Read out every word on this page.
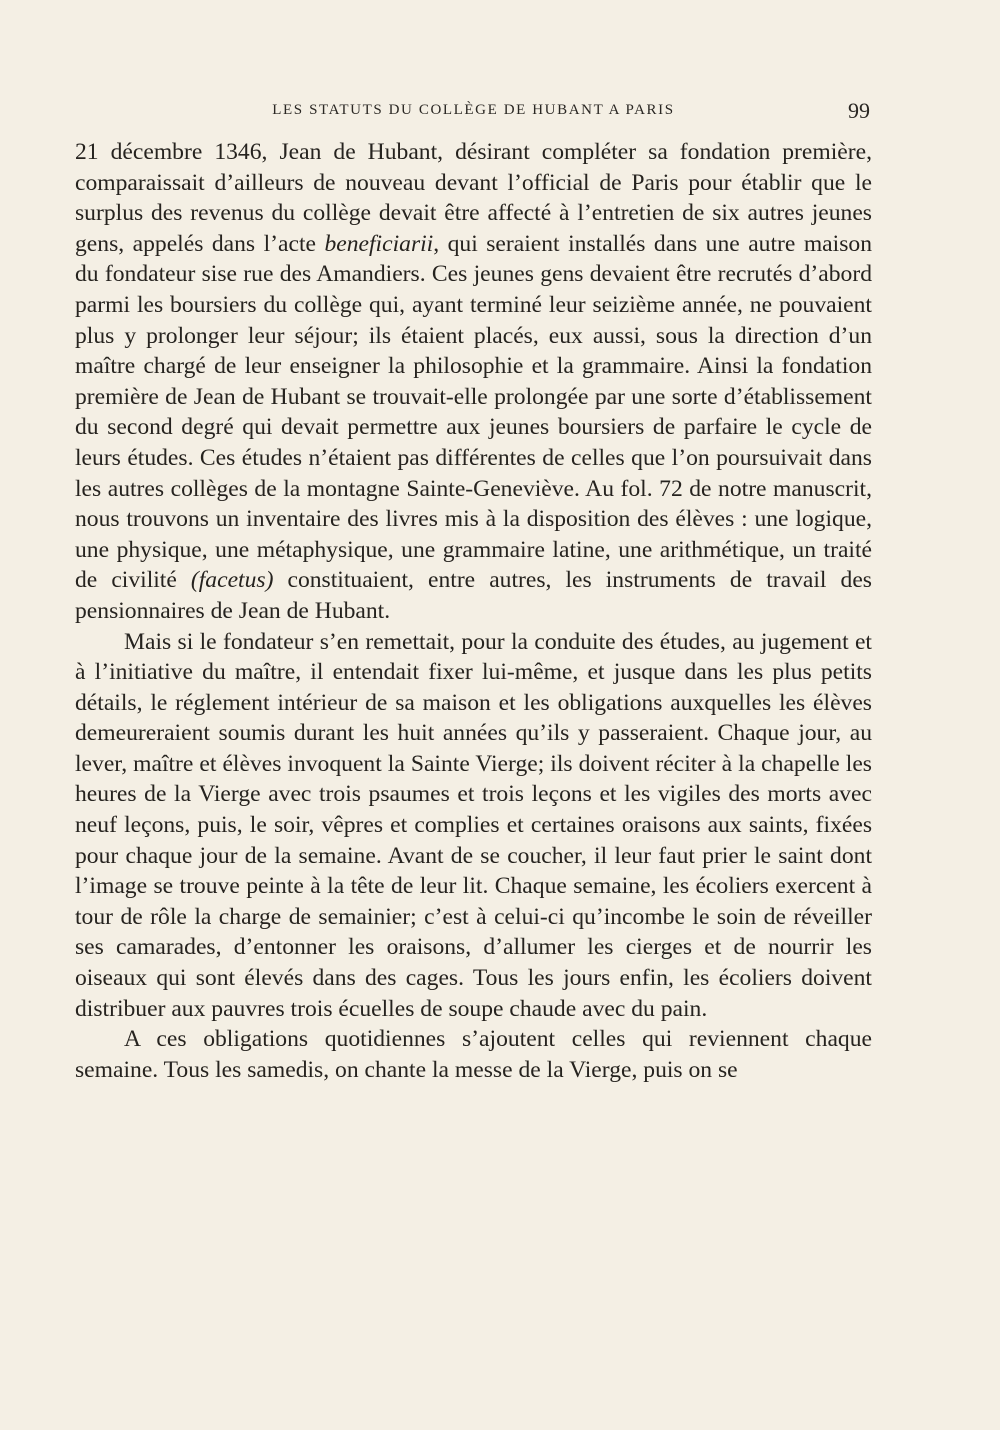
LES STATUTS DU COLLÈGE DE HUBANT A PARIS	99

21 décembre 1346, Jean de Hubant, désirant compléter sa fondation première, comparaissait d’ailleurs de nouveau devant l’official de Paris pour établir que le surplus des revenus du collège devait être affecté à l’entretien de six autres jeunes gens, appelés dans l’acte beneficiarii, qui seraient installés dans une autre maison du fondateur sise rue des Amandiers. Ces jeunes gens devaient être recrutés d’abord parmi les boursiers du collège qui, ayant terminé leur seizième année, ne pouvaient plus y prolonger leur séjour; ils étaient placés, eux aussi, sous la direction d’un maître chargé de leur enseigner la philosophie et la grammaire. Ainsi la fondation première de Jean de Hubant se trouvait-elle prolongée par une sorte d’établissement du second degré qui devait permettre aux jeunes boursiers de parfaire le cycle de leurs études. Ces études n’étaient pas différentes de celles que l’on poursuivait dans les autres collèges de la montagne Sainte-Geneviève. Au fol. 72 de notre manuscrit, nous trouvons un inventaire des livres mis à la disposition des élèves : une logique, une physique, une métaphysique, une grammaire latine, une arithmétique, un traité de civilité (facetus) constituaient, entre autres, les instruments de travail des pensionnaires de Jean de Hubant.

Mais si le fondateur s’en remettait, pour la conduite des études, au jugement et à l’initiative du maître, il entendait fixer lui-même, et jusque dans les plus petits détails, le réglement intérieur de sa maison et les obligations auxquelles les élèves demeureraient soumis durant les huit années qu’ils y passeraient. Chaque jour, au lever, maître et élèves invoquent la Sainte Vierge; ils doivent réciter à la chapelle les heures de la Vierge avec trois psaumes et trois leçons et les vigiles des morts avec neuf leçons, puis, le soir, vêpres et complies et certaines oraisons aux saints, fixées pour chaque jour de la semaine. Avant de se coucher, il leur faut prier le saint dont l’image se trouve peinte à la tête de leur lit. Chaque semaine, les écoliers exercent à tour de rôle la charge de semainier; c’est à celui-ci qu’incombe le soin de réveiller ses camarades, d’entonner les oraisons, d’allumer les cierges et de nourrir les oiseaux qui sont élevés dans des cages. Tous les jours enfin, les écoliers doivent distribuer aux pauvres trois écuelles de soupe chaude avec du pain.

A ces obligations quotidiennes s’ajoutent celles qui reviennent chaque semaine. Tous les samedis, on chante la messe de la Vierge, puis on se
